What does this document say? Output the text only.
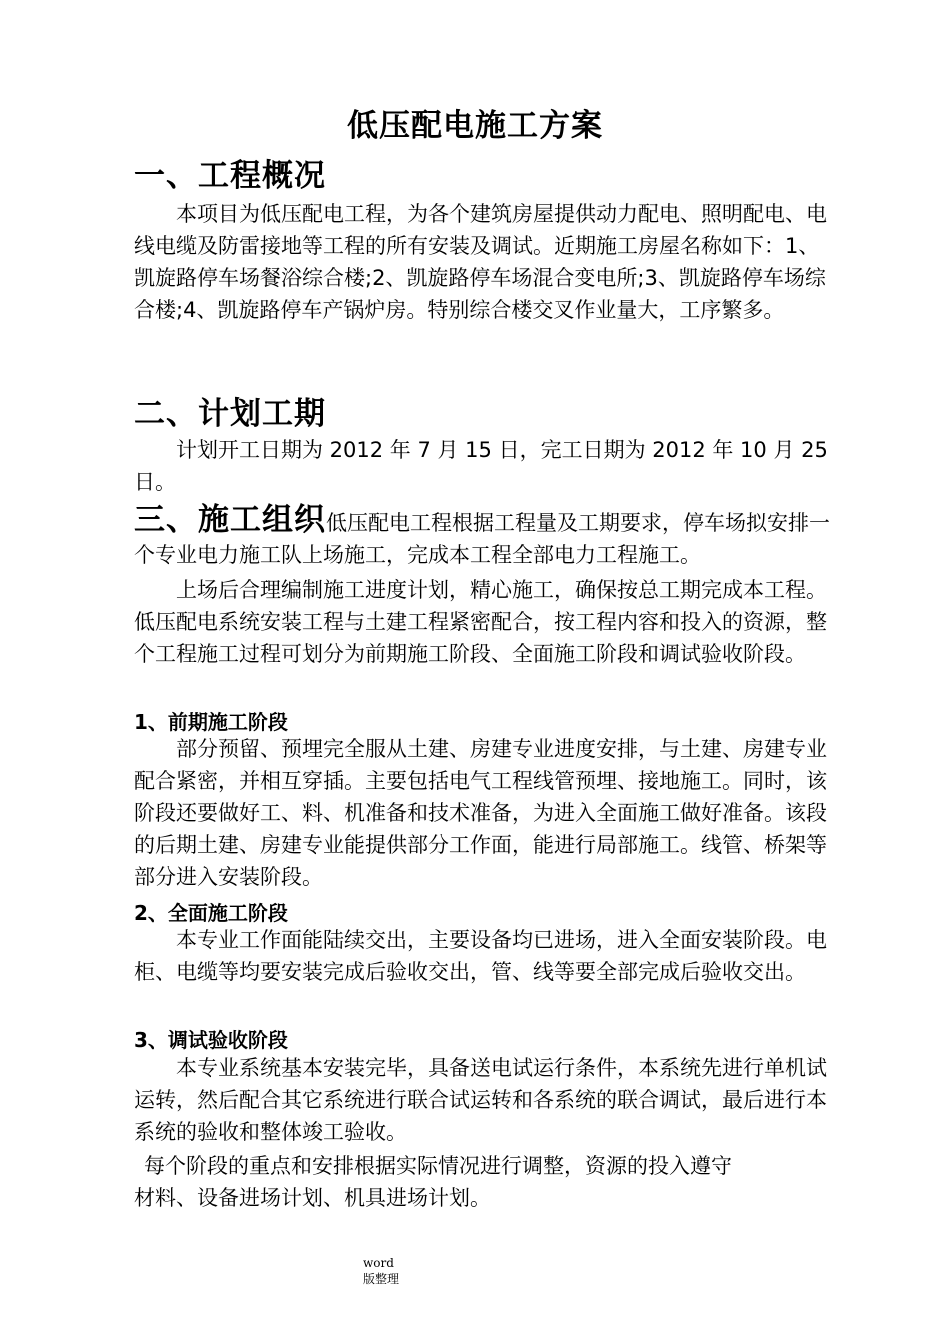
低压配电施工方案
一、工程概况
本项目为低压配电工程，为各个建筑房屋提供动力配电、照明配电、电线电缆及防雷接地等工程的所有安装及调试。近期施工房屋名称如下：1、凯旋路停车场餐浴综合楼;2、凯旋路停车场混合变电所;3、凯旋路停车场综合楼;4、凯旋路停车产锅炉房。特别综合楼交叉作业量大，工序繁多。
二、计划工期
计划开工日期为 2012 年 7 月 15 日，完工日期为 2012 年 10 月 25 日。
三、施工组织低压配电工程根据工程量及工期要求，停车场拟安排一个专业电力施工队上场施工，完成本工程全部电力工程施工。
上场后合理编制施工进度计划，精心施工，确保按总工期完成本工程。低压配电系统安装工程与土建工程紧密配合，按工程内容和投入的资源，整个工程施工过程可划分为前期施工阶段、全面施工阶段和调试验收阶段。
1、前期施工阶段
部分预留、预埋完全服从土建、房建专业进度安排，与土建、房建专业配合紧密，并相互穿插。主要包括电气工程线管预埋、接地施工。同时，该阶段还要做好工、料、机准备和技术准备，为进入全面施工做好准备。该段的后期土建、房建专业能提供部分工作面，能进行局部施工。线管、桥架等部分进入安装阶段。
2、全面施工阶段
本专业工作面能陆续交出，主要设备均已进场，进入全面安装阶段。电柜、电缆等均要安装完成后验收交出，管、线等要全部完成后验收交出。
3、调试验收阶段
本专业系统基本安装完毕，具备送电试运行条件，本系统先进行单机试运转，然后配合其它系统进行联合试运转和各系统的联合调试，最后进行本系统的验收和整体竣工验收。
每个阶段的重点和安排根据实际情况进行调整，资源的投入遵守
材料、设备进场计划、机具进场计划。
word
版整理
